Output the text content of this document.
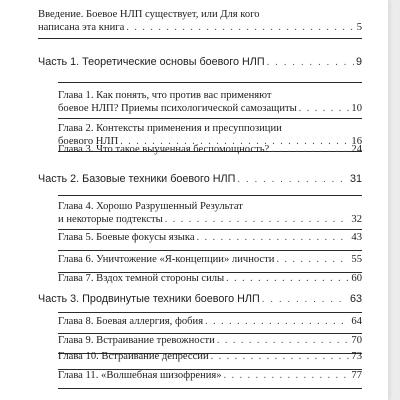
Введение. Боевое НЛП существует, или Для кого
написана эта книга . . .	5
Часть 1. Теоретические основы боевого НЛП . . .	9
Глава 1. Как понять, что против вас применяют
боевое НЛП? Приемы психологической самозащиты . . .	10
Глава 2. Контексты применения и пресуппозиции
боевого НЛП . . .	16
Глава 3. Что такое выученная беспомощность? . . .	24
Часть 2. Базовые техники боевого НЛП . . .	31
Глава 4. Хорошо Разрушенный Результат
и некоторые подтексты . . .	32
Глава 5. Боевые фокусы языка . . .	43
Глава 6. Уничтожение «Я-концепции» личности . . .	55
Глава 7. Вздох темной стороны силы . . .	60
Часть 3. Продвинутые техники боевого НЛП . . .	63
Глава 8. Боевая аллергия, фобия . . .	64
Глава 9. Встраивание тревожности . . .	70
Глава 10. Встраивание депрессии . . .	73
Глава 11. «Волшебная шизофрения» . . .	77
